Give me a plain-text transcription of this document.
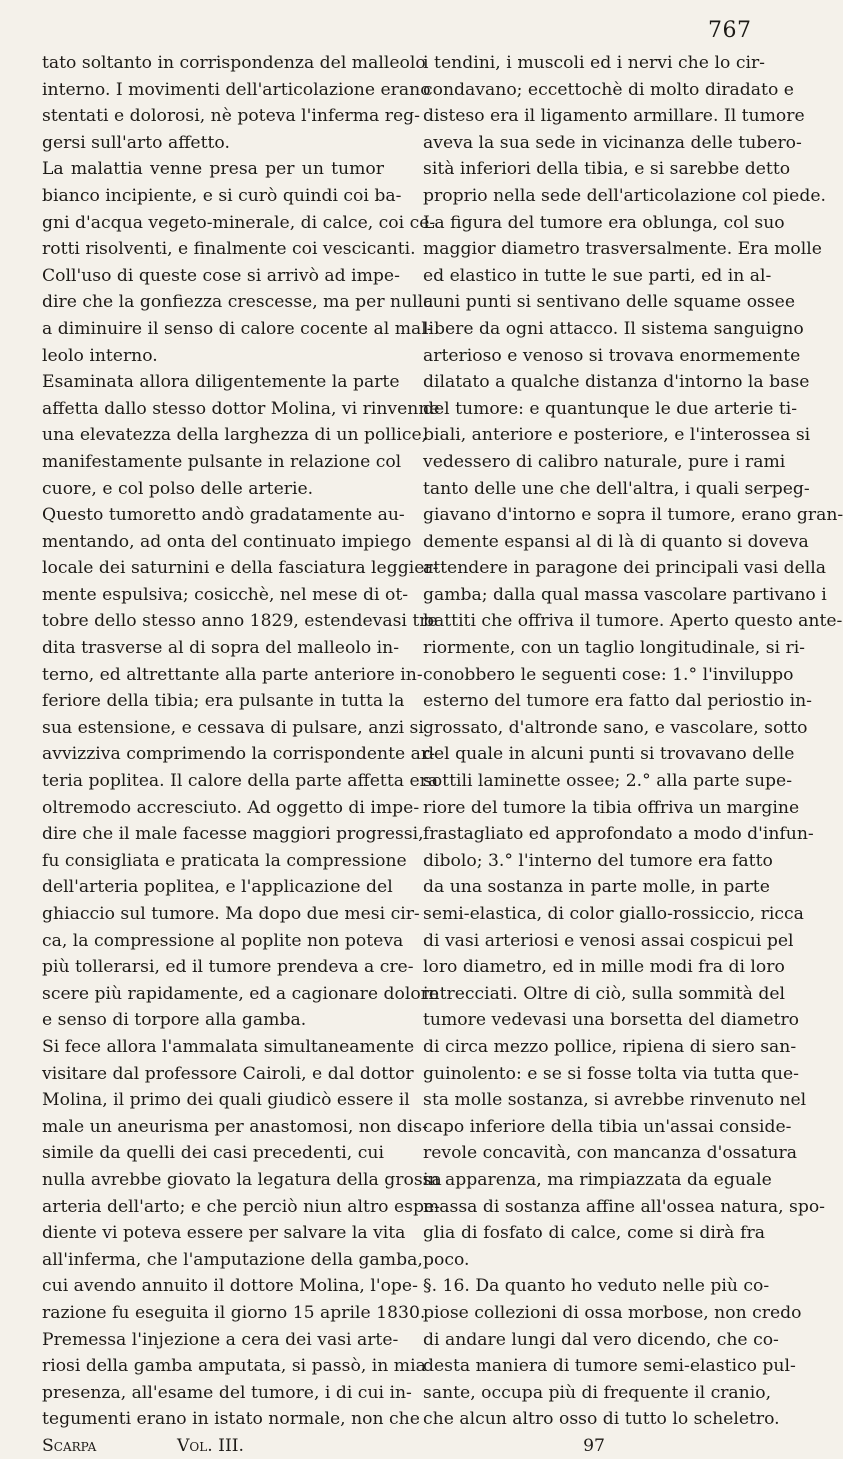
767
tato soltanto in corrispondenza del malleolo
interno. I movimenti dell'articolazione erano
stentati e dolorosi, nè poteva l'inferma reg-
gersi sull'arto affetto.
La malattia venne presa per un tumor
bianco incipiente, e si curò quindi coi ba-
gni d'acqua vegeto-minerale, di calce, coi ce-
rotti risolventi, e finalmente coi vescicanti.
Coll'uso di queste cose si arrivò ad impe-
dire che la gonfiezza crescesse, ma per nulla
a diminuire il senso di calore cocente al mal-
leolo interno.
Esaminata allora diligentemente la parte
affetta dallo stesso dottor Molina, vi rinvenne
una elevatezza della larghezza di un pollice,
manifestamente pulsante in relazione col
cuore, e col polso delle arterie.
Questo tumoretto andò gradatamente au-
mentando, ad onta del continuato impiego
locale dei saturnini e della fasciatura leggier-
mente espulsiva; cosicchè, nel mese di ot-
tobre dello stesso anno 1829, estendevasi tre
dita trasverse al di sopra del malleolo in-
terno, ed altrettante alla parte anteriore in-
feriore della tibia; era pulsante in tutta la
sua estensione, e cessava di pulsare, anzi si
avvizziva comprimendo la corrispondente ar-
teria poplitea. Il calore della parte affetta era
oltremodo accresciuto. Ad oggetto di impe-
dire che il male facesse maggiori progressi,
fu consigliata e praticata la compressione
dell'arteria poplitea, e l'applicazione del
ghiaccio sul tumore. Ma dopo due mesi cir-
ca, la compressione al poplite non poteva
più tollerarsi, ed il tumore prendeva a cre-
scere più rapidamente, ed a cagionare dolore
e senso di torpore alla gamba.
Si fece allora l'ammalata simultaneamente
visitare dal professore Cairoli, e dal dottor
Molina, il primo dei quali giudicò essere il
male un aneurisma per anastomosi, non dis-
simile da quelli dei casi precedenti, cui
nulla avrebbe giovato la legatura della grossa
arteria dell'arto; e che perciò niun altro espe-
diente vi poteva essere per salvare la vita
all'inferma, che l'amputazione della gamba,
cui avendo annuito il dottore Molina, l'ope-
razione fu eseguita il giorno 15 aprile 1830.
Premessa l'injezione a cera dei vasi arte-
riosi della gamba amputata, si passò, in mia
presenza, all'esame del tumore, i di cui in-
tegumenti erano in istato normale, non che
Scarpa	Vol. III.
i tendini, i muscoli ed i nervi che lo cir-
condavano; eccettochè di molto diradato e
disteso era il ligamento armillare. Il tumore
aveva la sua sede in vicinanza delle tubero-
sità inferiori della tibia, e si sarebbe detto
proprio nella sede dell'articolazione col piede.
La figura del tumore era oblunga, col suo
maggior diametro trasversalmente. Era molle
ed elastico in tutte le sue parti, ed in al-
cuni punti si sentivano delle squame ossee
libere da ogni attacco. Il sistema sanguigno
arterioso e venoso si trovava enormemente
dilatato a qualche distanza d'intorno la base
del tumore: e quantunque le due arterie ti-
biali, anteriore e posteriore, e l'interossea si
vedessero di calibro naturale, pure i rami
tanto delle une che dell'altra, i quali serpeg-
giavano d'intorno e sopra il tumore, erano gran-
demente espansi al di là di quanto si doveva
attendere in paragone dei principali vasi della
gamba; dalla qual massa vascolare partivano i
battiti che offriva il tumore. Aperto questo ante-
riormente, con un taglio longitudinale, si ri-
conobbero le seguenti cose: 1.° l'inviluppo
esterno del tumore era fatto dal periostio in-
grossato, d'altronde sano, e vascolare, sotto
del quale in alcuni punti si trovavano delle
sottili laminette ossee; 2.° alla parte supe-
riore del tumore la tibia offriva un margine
frastagliato ed approfondato a modo d'infun-
dibolo; 3.° l'interno del tumore era fatto
da una sostanza in parte molle, in parte
semi-elastica, di color giallo-rossiccio, ricca
di vasi arteriosi e venosi assai cospicui pel
loro diametro, ed in mille modi fra di loro
intrecciati. Oltre di ciò, sulla sommità del
tumore vedevasi una borsetta del diametro
di circa mezzo pollice, ripiena di siero san-
guinolento: e se si fosse tolta via tutta que-
sta molle sostanza, si avrebbe rinvenuto nel
capo inferiore della tibia un'assai conside-
revole concavità, con mancanza d'ossatura
in apparenza, ma rimpiazzata da eguale
massa di sostanza affine all'ossea natura, spo-
glia di fosfato di calce, come si dirà fra
poco.
§. 16. Da quanto ho veduto nelle più co-
piose collezioni di ossa morbose, non credo
di andare lungi dal vero dicendo, che co-
desta maniera di tumore semi-elastico pul-
sante, occupa più di frequente il cranio,
che alcun altro osso di tutto lo scheletro.
97
